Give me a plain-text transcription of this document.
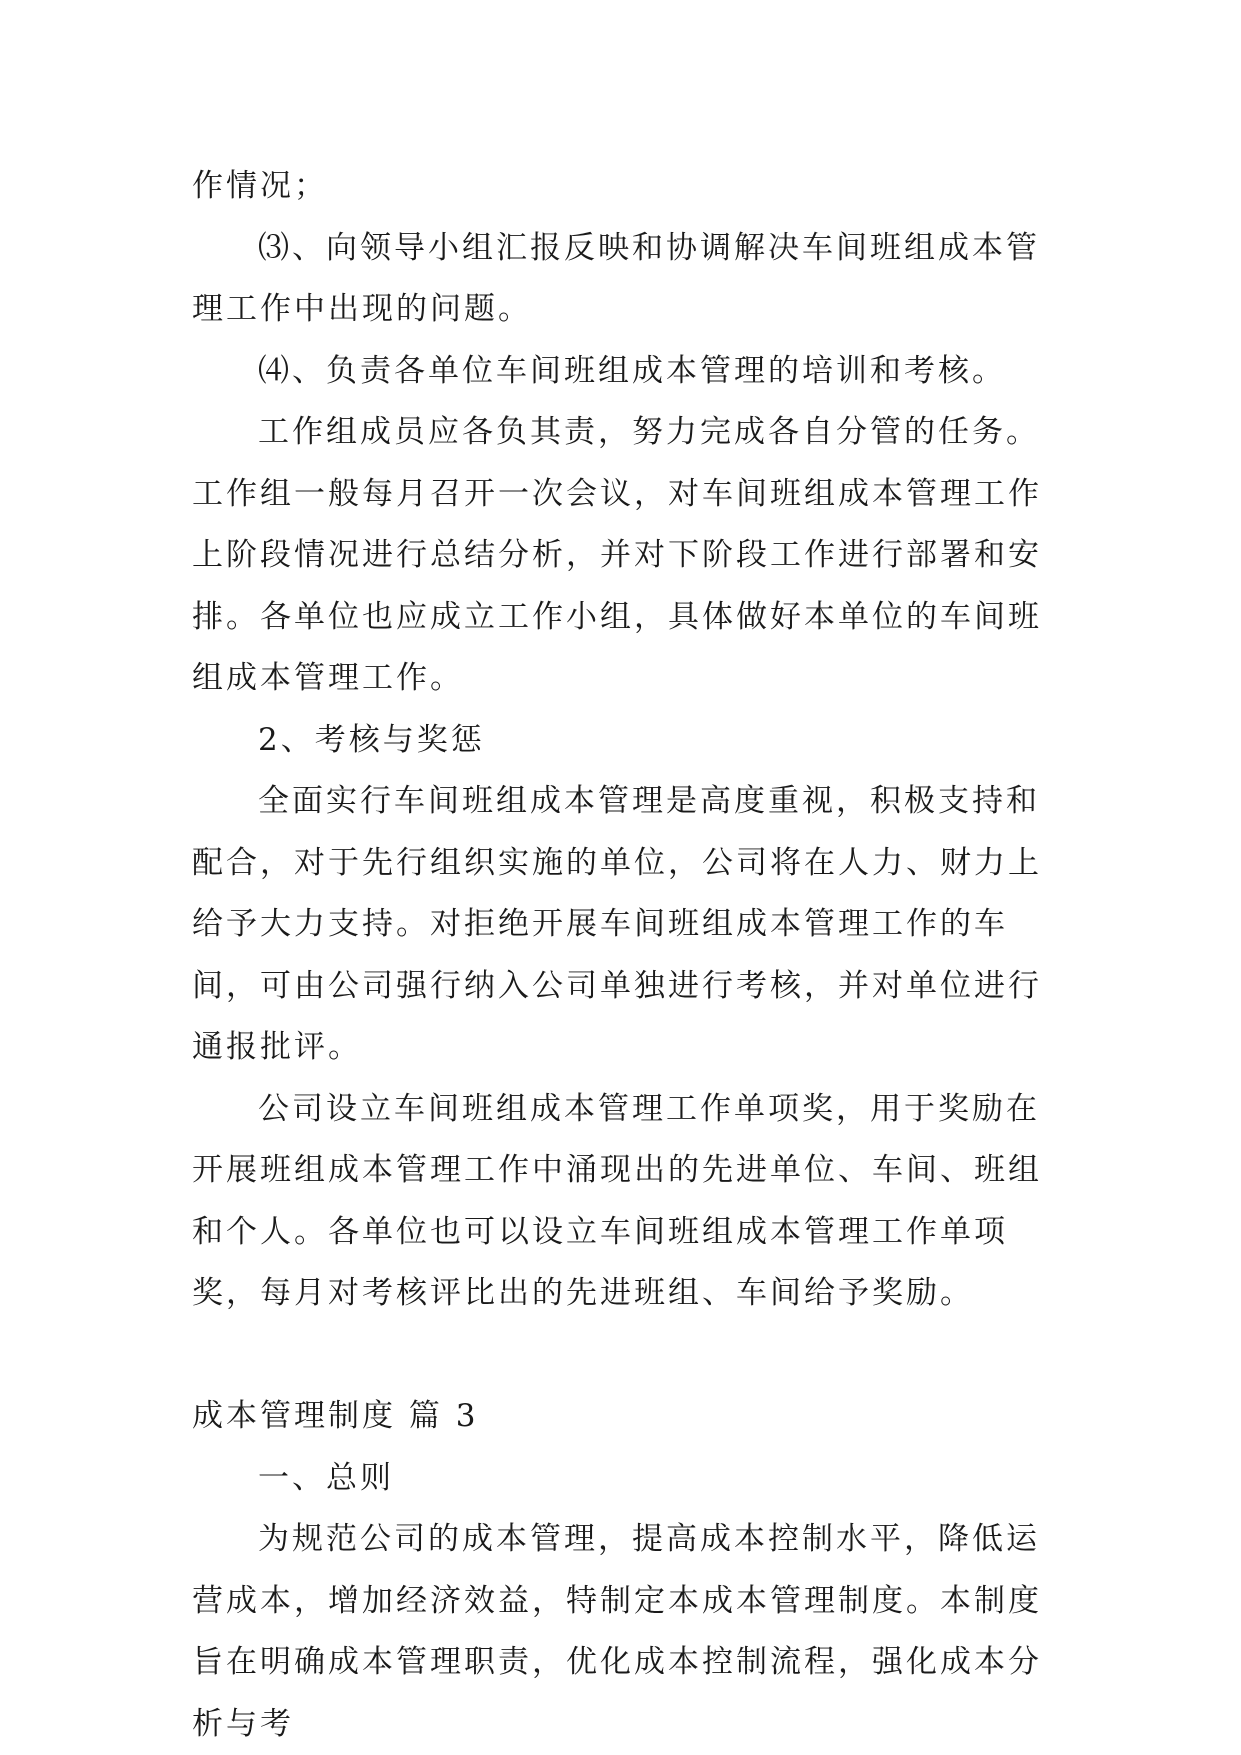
作情况；

⑶、向领导小组汇报反映和协调解决车间班组成本管理工作中出现的问题。

⑷、负责各单位车间班组成本管理的培训和考核。

工作组成员应各负其责，努力完成各自分管的任务。工作组一般每月召开一次会议，对车间班组成本管理工作上阶段情况进行总结分析，并对下阶段工作进行部署和安排。各单位也应成立工作小组，具体做好本单位的车间班组成本管理工作。

2、考核与奖惩

全面实行车间班组成本管理是高度重视，积极支持和配合，对于先行组织实施的单位，公司将在人力、财力上给予大力支持。对拒绝开展车间班组成本管理工作的车间，可由公司强行纳入公司单独进行考核，并对单位进行通报批评。

公司设立车间班组成本管理工作单项奖，用于奖励在开展班组成本管理工作中涌现出的先进单位、车间、班组和个人。各单位也可以设立车间班组成本管理工作单项奖，每月对考核评比出的先进班组、车间给予奖励。

成本管理制度 篇 3

一、总则

为规范公司的成本管理，提高成本控制水平，降低运营成本，增加经济效益，特制定本成本管理制度。本制度旨在明确成本管理职责，优化成本控制流程，强化成本分析与考
